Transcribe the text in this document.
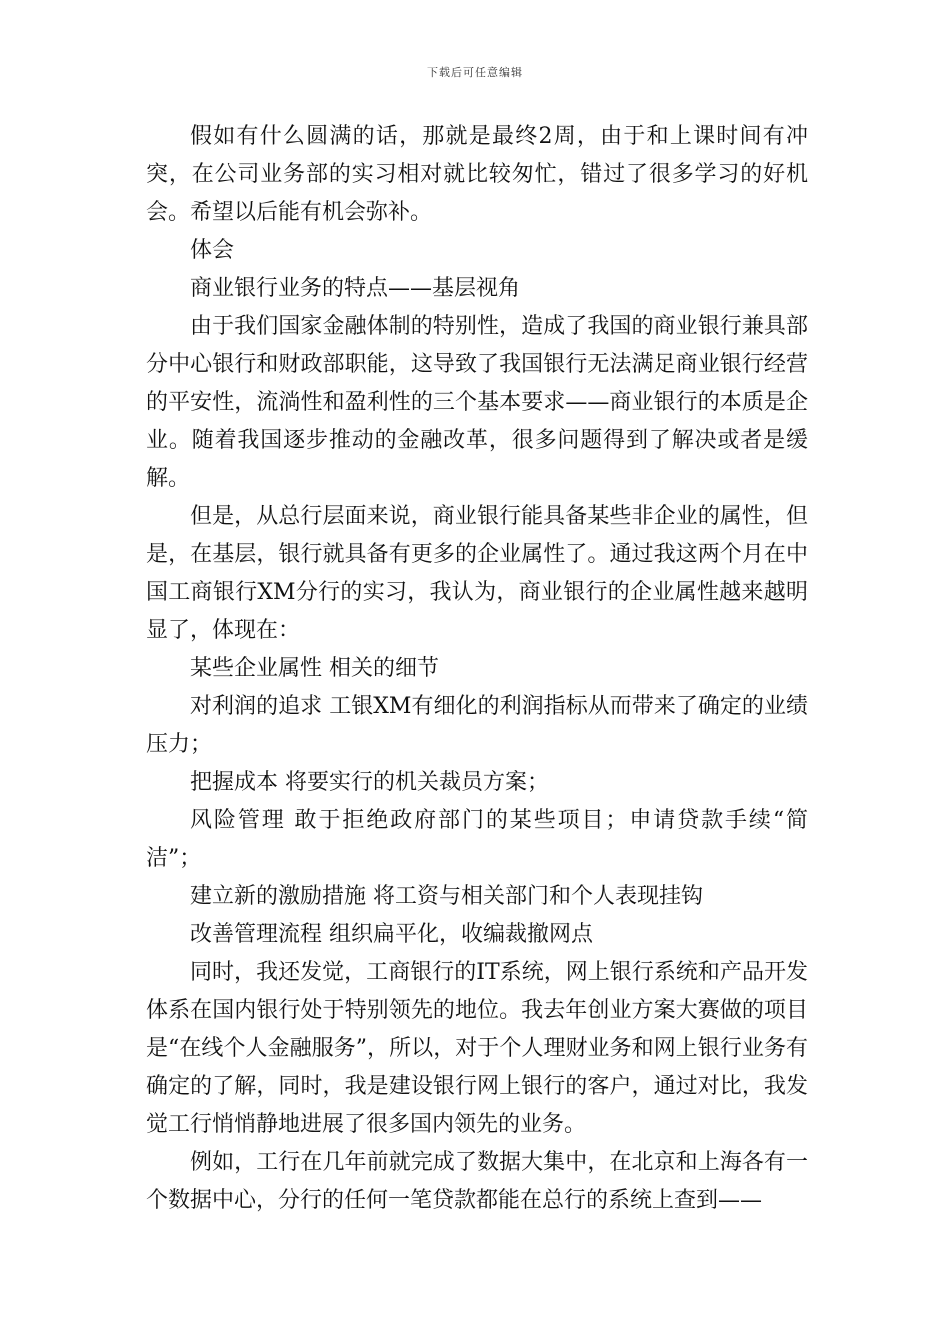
下载后可任意编辑

假如有什么圆满的话，那就是最终2周，由于和上课时间有冲突，在公司业务部的实习相对就比较匆忙，错过了很多学习的好机会。希望以后能有机会弥补。

体会

商业银行业务的特点——基层视角

由于我们国家金融体制的特别性，造成了我国的商业银行兼具部分中心银行和财政部职能，这导致了我国银行无法满足商业银行经营的平安性，流淌性和盈利性的三个基本要求——商业银行的本质是企业。随着我国逐步推动的金融改革，很多问题得到了解决或者是缓解。

但是，从总行层面来说，商业银行能具备某些非企业的属性，但是，在基层，银行就具备有更多的企业属性了。通过我这两个月在中国工商银行XM分行的实习，我认为，商业银行的企业属性越来越明显了，体现在：

某些企业属性 相关的细节

对利润的追求 工银XM有细化的利润指标从而带来了确定的业绩压力；

把握成本 将要实行的机关裁员方案；

风险管理 敢于拒绝政府部门的某些项目；申请贷款手续“简洁”；

建立新的激励措施 将工资与相关部门和个人表现挂钩

改善管理流程 组织扁平化，收编裁撤网点

同时，我还发觉，工商银行的IT系统，网上银行系统和产品开发体系在国内银行处于特别领先的地位。我去年创业方案大赛做的项目是“在线个人金融服务”，所以，对于个人理财业务和网上银行业务有确定的了解，同时，我是建设银行网上银行的客户，通过对比，我发觉工行悄悄静地进展了很多国内领先的业务。

例如，工行在几年前就完成了数据大集中，在北京和上海各有一个数据中心，分行的任何一笔贷款都能在总行的系统上查到——
